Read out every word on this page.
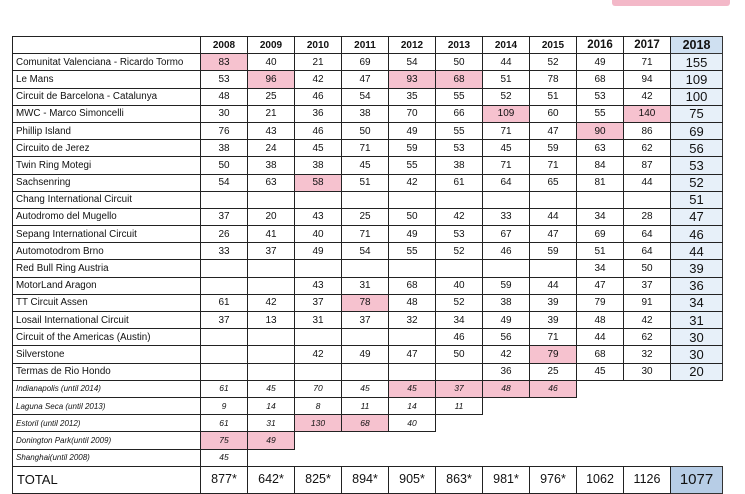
	2008	2009	2010	2011	2012	2013	2014	2015	2016	2017	2018
Comunitat Valenciana - Ricardo Tormo	83	40	21	69	54	50	44	52	49	71	155
Le Mans	53	96	42	47	93	68	51	78	68	94	109
Circuit de Barcelona - Catalunya	48	25	46	54	35	55	52	51	53	42	100
MWC - Marco Simoncelli	30	21	36	38	70	66	109	60	55	140	75
Phillip Island	76	43	46	50	49	55	71	47	90	86	69
Circuito de Jerez	38	24	45	71	59	53	45	59	63	62	56
Twin Ring Motegi	50	38	38	45	55	38	71	71	84	87	53
Sachsenring	54	63	58	51	42	61	64	65	81	44	52
Chang International Circuit											51
Autodromo del Mugello	37	20	43	25	50	42	33	44	34	28	47
Sepang International Circuit	26	41	40	71	49	53	67	47	69	64	46
Automotodrom Brno	33	37	49	54	55	52	46	59	51	64	44
Red Bull Ring Austria									34	50	39
MotorLand Aragon			43	31	68	40	59	44	47	37	36
TT Circuit Assen	61	42	37	78	48	52	38	39	79	91	34
Losail International Circuit	37	13	31	37	32	34	49	39	48	42	31
Circuit of the Americas (Austin)						46	56	71	44	62	30
Silverstone			42	49	47	50	42	79	68	32	30
Termas de Rio Hondo							36	25	45	30	20
Indianapolis (until 2014)	61	45	70	45	45	37	48	46			
Laguna Seca (until 2013)	9	14	8	11	14	11					
Estoril (until 2012)	61	31	130	68	40						
Donington Park(until 2009)	75	49									
Shanghai(until 2008)	45										
TOTAL	877*	642*	825*	894*	905*	863*	981*	976*	1062	1126	1077
